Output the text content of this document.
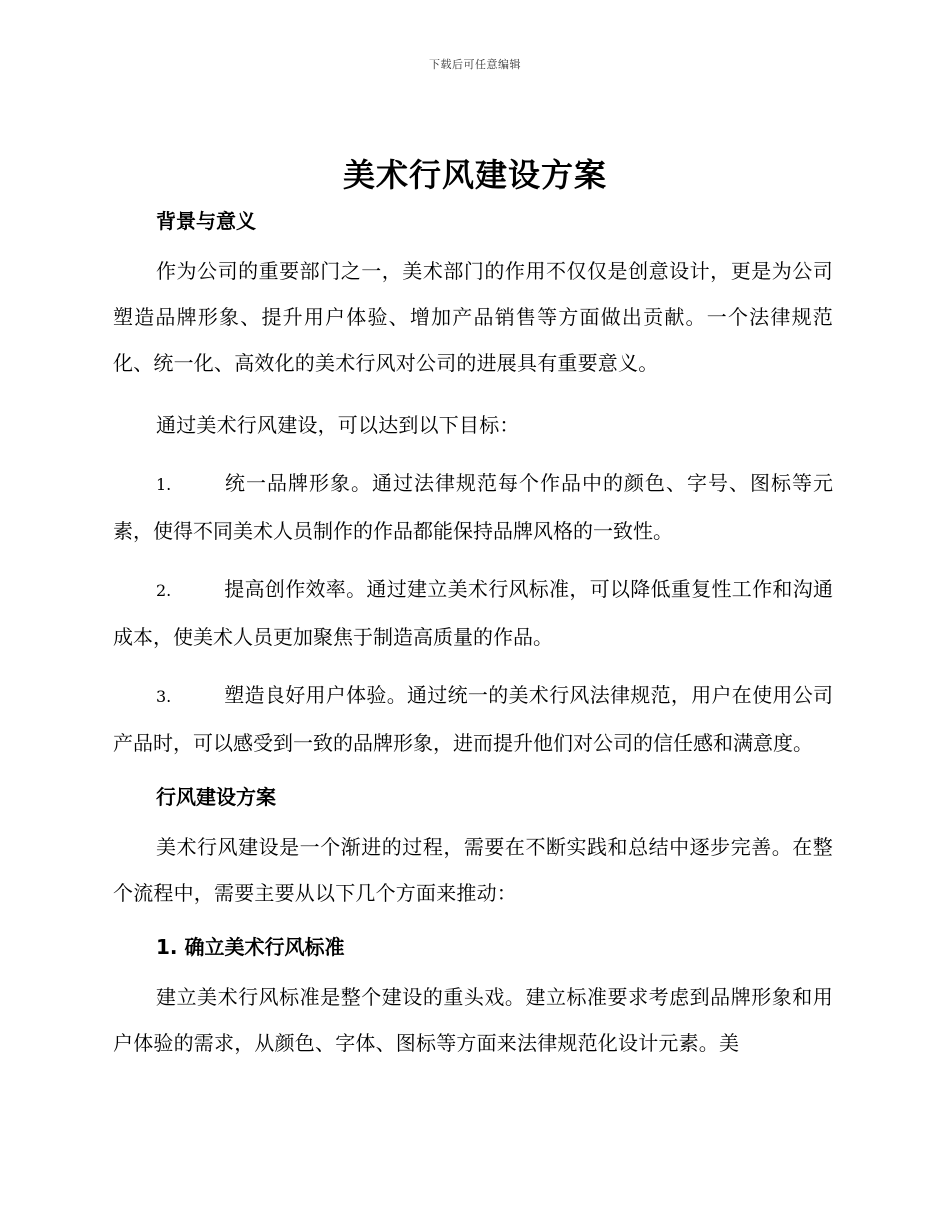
下载后可任意编辑
美术行风建设方案
背景与意义

作为公司的重要部门之一，美术部门的作用不仅仅是创意设计，更是为公司塑造品牌形象、提升用户体验、增加产品销售等方面做出贡献。一个法律规范化、统一化、高效化的美术行风对公司的进展具有重要意义。

通过美术行风建设，可以达到以下目标：

1.	统一品牌形象。通过法律规范每个作品中的颜色、字号、图标等元素，使得不同美术人员制作的作品都能保持品牌风格的一致性。

2.	提高创作效率。通过建立美术行风标准，可以降低重复性工作和沟通成本，使美术人员更加聚焦于制造高质量的作品。

3.	塑造良好用户体验。通过统一的美术行风法律规范，用户在使用公司产品时，可以感受到一致的品牌形象，进而提升他们对公司的信任感和满意度。

行风建设方案

美术行风建设是一个渐进的过程，需要在不断实践和总结中逐步完善。在整个流程中，需要主要从以下几个方面来推动：

1. 确立美术行风标准

建立美术行风标准是整个建设的重头戏。建立标准要求考虑到品牌形象和用户体验的需求，从颜色、字体、图标等方面来法律规范化设计元素。美
